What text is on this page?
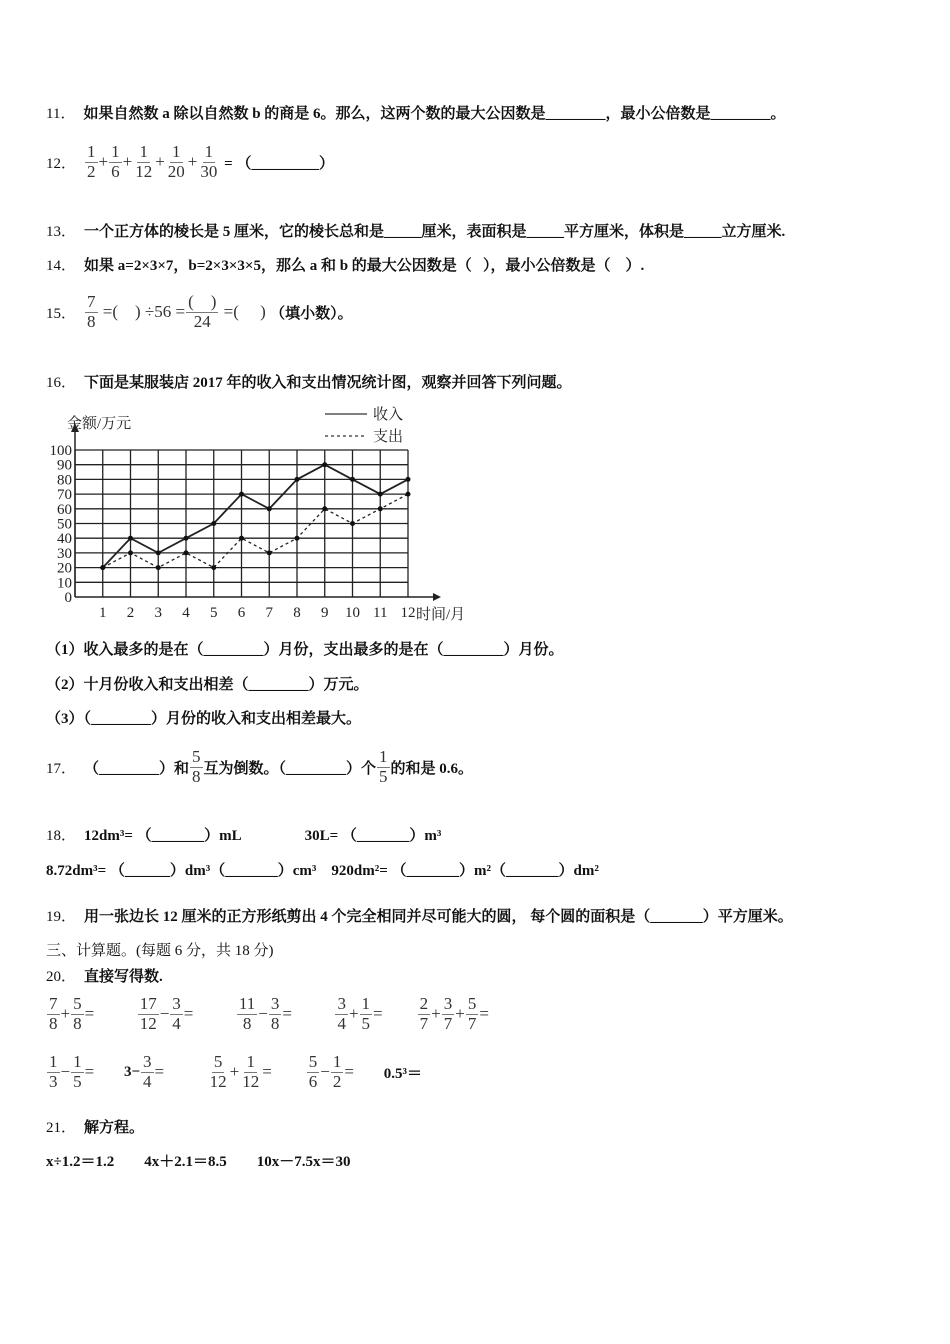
11． 如果自然数 a 除以自然数 b 的商是 6。那么，这两个数的最大公因数是________，最小公倍数是________。
12． $\frac{1}{2} + \frac{1}{6} + \frac{1}{12} + \frac{1}{20} + \frac{1}{30}$ = （_________）
13． 一个正方体的棱长是 5 厘米，它的棱长总和是_____厘米，表面积是_____平方厘米，体积是_____立方厘米.
14． 如果 a=2×3×7，b=2×3×3×5，那么 a 和 b 的最大公因数是（   ），最小公倍数是（    ）.
15． $\frac{7}{8}$ =(    ) $\div 56 = \frac{( )}{24}$ =(     ) （填小数）。
16． 下面是某服装店 2017 年的收入和支出情况统计图，观察并回答下列问题。
0
10
20
30
40
50
60
70
80
90
100
1 2 3 4 5 6 7 8 9 10 11 12 时间/月
金额/万元
收入
支出
（1）收入最多的是在（________）月份，支出最多的是在（________）月份。
（2）十月份收入和支出相差（________）万元。
（3）（________）月份的收入和支出相差最大。
17． （________）和 $\frac{5}{8}$ 互为倒数。（________）个 $\frac{1}{5}$ 的和是 0.6。
18． 12dm³= （_______）mL                 30L= （_______）m³
8.72dm³= （______）dm³（_______）cm³    920dm²= （_______）m²（_______）dm²
19． 用一张边长 12 厘米的正方形纸剪出 4 个完全相同并尽可能大的圆， 每个圆的面积是（_______）平方厘米。
三、计算题。(每题 6 分，共 18 分)
20． 直接写得数.
$\frac{7}{8} + \frac{5}{8} = \frac{17}{12} - \frac{3}{4} = \frac{11}{8} - \frac{3}{8} = \frac{3}{4} + \frac{1}{5} = \frac{2}{7} + \frac{3}{7} + \frac{5}{7}$ =
$\frac{1}{3} - \frac{1}{5} = 3- \frac{3}{4} = \frac{5}{12} + \frac{1}{12} = \frac{5}{6} - \frac{1}{2} = 0.5^3=$
21． 解方程。
x÷1.2＝1.2        4x＋2.1＝8.5        10x－7.5x＝30
